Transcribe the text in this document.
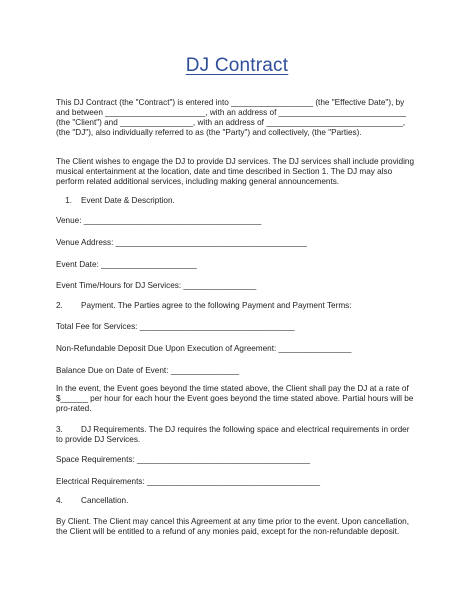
DJ Contract
This DJ Contract (the "Contract") is entered into __________________ (the "Effective Date"), by
and between ______________________, with an address of ____________________________
(the "Client") and ________________, with an address of ______________________________,
(the "DJ"), also individually referred to as (the "Party") and collectively, (the "Parties).
The Client wishes to engage the DJ to provide DJ services. The DJ services shall include providing
musical entertainment at the location, date and time described in Section 1. The DJ may also
perform related additional services, including making general announcements.
1.    Event Date & Description.
Venue: _______________________________________
Venue Address: __________________________________________
Event Date: _____________________
Event Time/Hours for DJ Services: ________________
2.        Payment. The Parties agree to the following Payment and Payment Terms:
Total Fee for Services: __________________________________
Non-Refundable Deposit Due Upon Execution of Agreement: ________________
Balance Due on Date of Event: _______________
In the event, the Event goes beyond the time stated above, the Client shall pay the DJ at a rate of
$______ per hour for each hour the Event goes beyond the time stated above. Partial hours will be
pro-rated.
3.        DJ Requirements. The DJ requires the following space and electrical requirements in order
to provide DJ Services.
Space Requirements: ______________________________________
Electrical Requirements: ______________________________________
4.        Cancellation.
By Client. The Client may cancel this Agreement at any time prior to the event. Upon cancellation,
the Client will be entitled to a refund of any monies paid, except for the non-refundable deposit.
